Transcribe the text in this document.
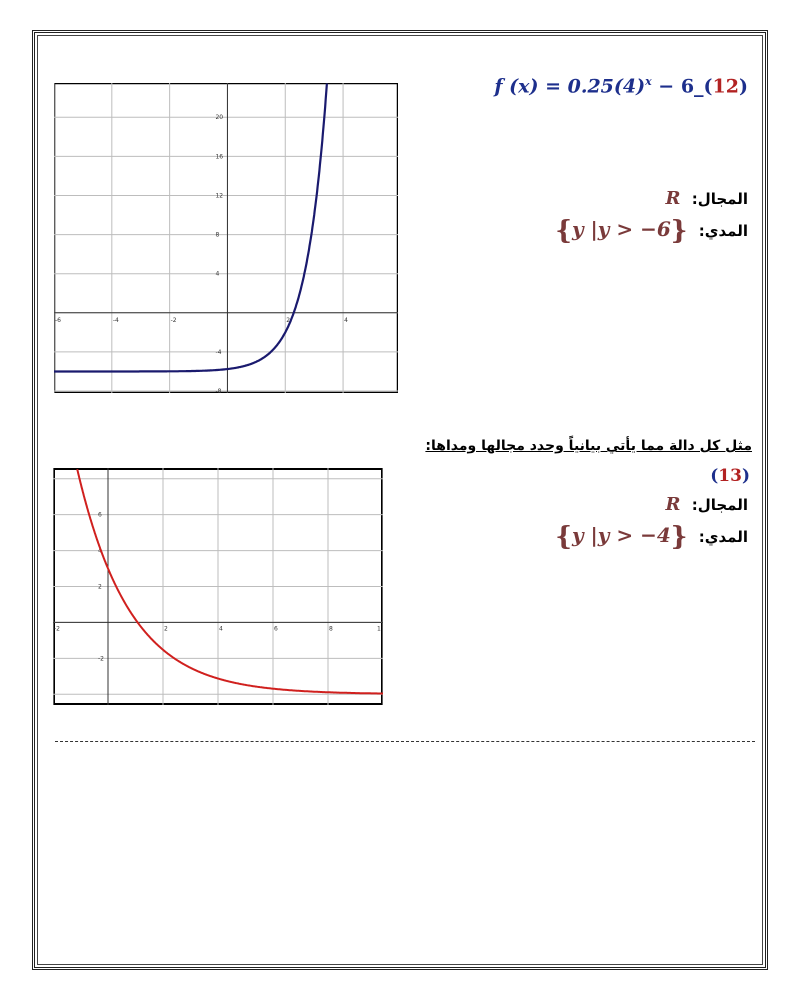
f $(x) = 0.25(4)^x$ − 6_(12)
المجال: R
المدي: {y |y > −6}
-6	-4	-2	2	4
20
16
12
8
4
-4
-8
مثل كل دالة مما يأتي بيانياً وحدد مجالها ومداها:
(13)
المجال: R
المدي: {y |y > −4}
-2	2	4	6	8	1
6
4
2
-2
